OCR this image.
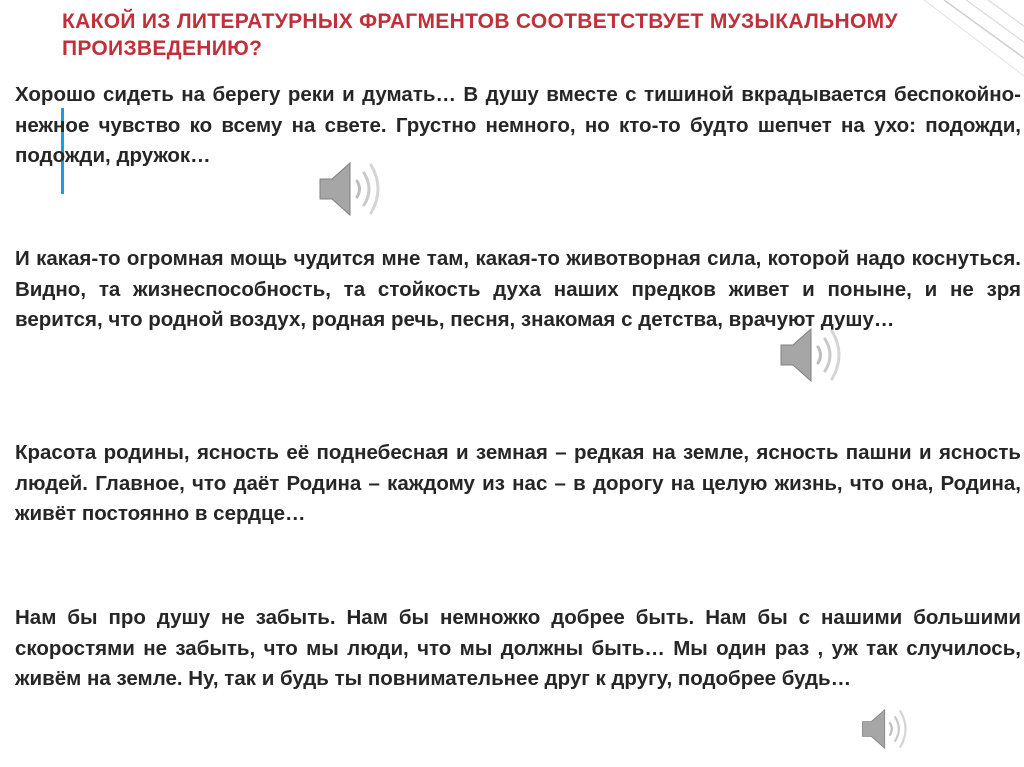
КАКОЙ ИЗ ЛИТЕРАТУРНЫХ ФРАГМЕНТОВ СООТВЕТСТВУЕТ МУЗЫКАЛЬНОМУ ПРОИЗВЕДЕНИЮ?

Хорошо сидеть на берегу реки и думать… В душу вместе с тишиной вкрадывается беспокойно-нежное чувство ко всему на свете. Грустно немного, но кто-то будто шепчет на ухо: подожди, подожди, дружок…

И какая-то огромная мощь чудится мне там, какая-то животворная сила, которой надо коснуться. Видно, та жизнеспособность, та стойкость духа наших предков живет и поныне, и не зря верится, что родной воздух, родная речь, песня, знакомая с детства, врачуют душу…

Красота родины, ясность её поднебесная и земная – редкая на земле, ясность пашни и ясность людей. Главное, что даёт Родина – каждому из нас – в дорогу на целую жизнь, что она, Родина, живёт постоянно в сердце…

Нам бы про душу не забыть. Нам бы немножко добрее быть. Нам бы с нашими большими скоростями не забыть, что мы люди, что мы должны быть… Мы один раз , уж так случилось, живём на земле. Ну, так и будь ты повнимательнее друг к другу, подобрее будь…
